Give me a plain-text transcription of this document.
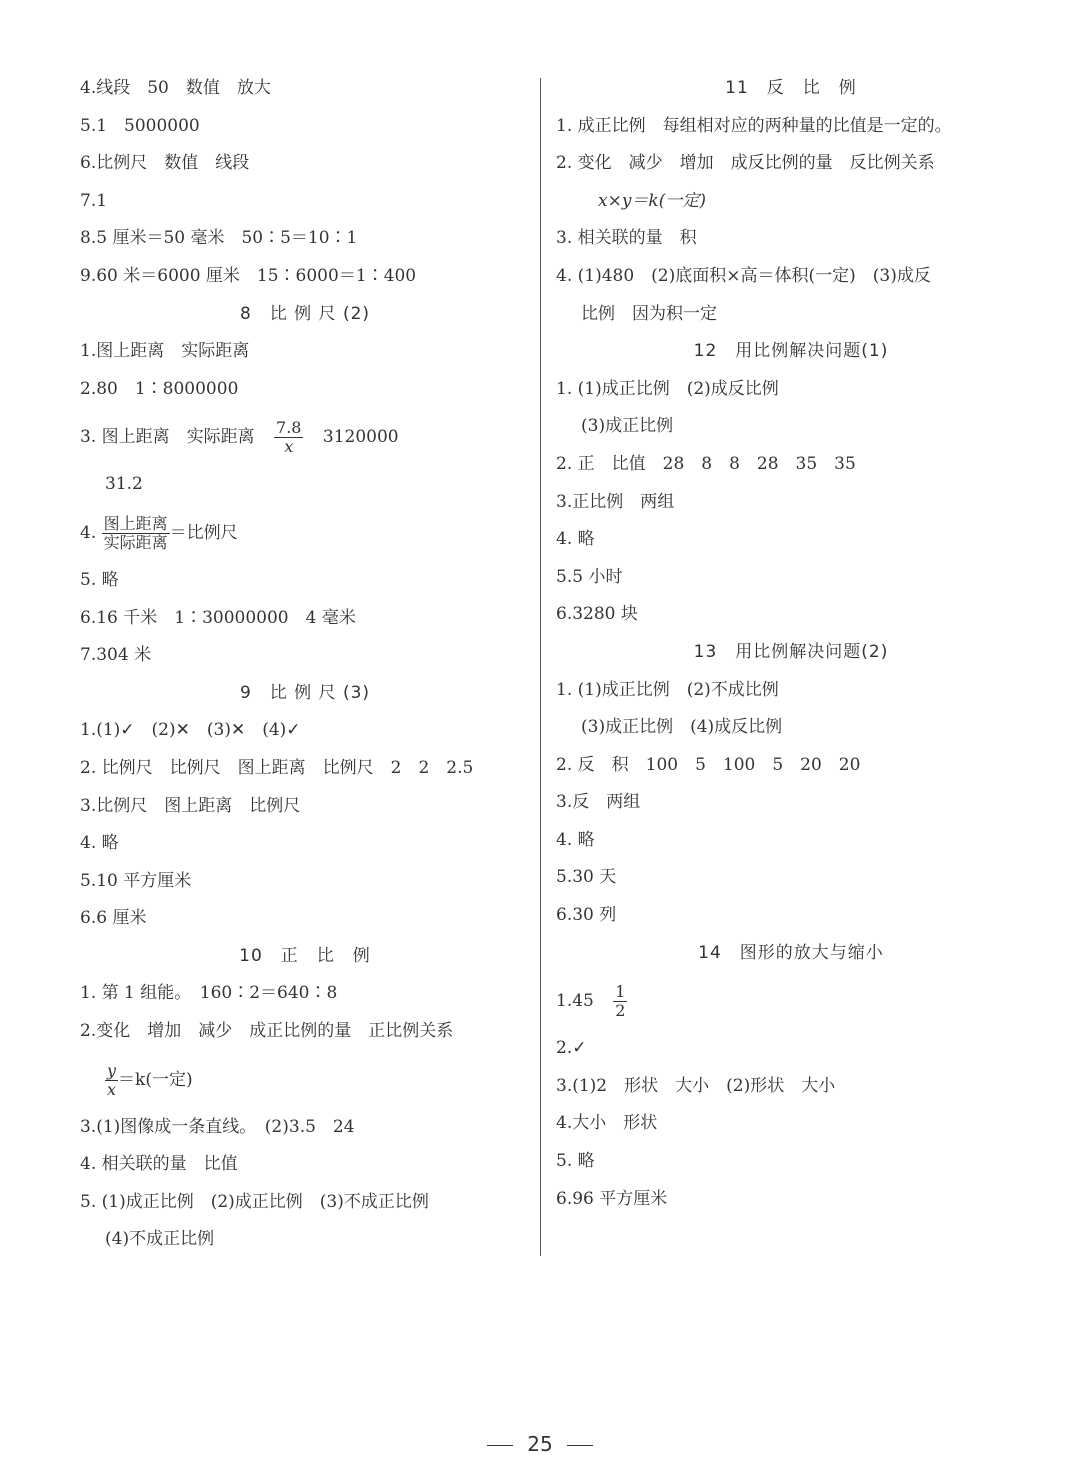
4.线段　50　数值　放大
5.1　5000000
6.比例尺　数值　线段
7.1
8.5 厘米＝50 毫米　50∶5＝10∶1
9.60 米＝6000 厘米　15∶6000＝1∶400
8　比 例 尺 (2)
1.图上距离　实际距离
2.80　1∶8000000
3. 图上距离　实际距离 $\frac{7.8}{x} 3120000$
31.2
4. $\frac{\text{图上距离}}{\text{实际距离}}$ ＝比例尺
5. 略
6.16 千米　1∶30000000　4 毫米
7.304 米
9　比 例 尺 (3)
1.(1)✓　(2)✕　(3)✕　(4)✓
2. 比例尺　比例尺　图上距离　比例尺　2　2　2.5
3.比例尺　图上距离　比例尺
4. 略
5.10 平方厘米
6.6 厘米
10　正　比　例
1. 第 1 组能。　160∶2＝640∶8
2.变化　增加　减少　成正比例的量　正比例关系
$\frac{y}{x} =k$(一定)
3.(1)图像成一条直线。　(2)3.5　24
4. 相关联的量　比值
5. (1)成正比例　(2)成正比例　(3)不成正比例
(4)不成正比例
11　反　比　例
1. 成正比例　每组相对应的两种量的比值是一定的。
2. 变化　减少　增加　成反比例的量　反比例关系
x×y＝k(一定)
3. 相关联的量　积
4. (1)480　(2)底面积×高＝体积(一定)　(3)成反
比例　因为积一定
12　用比例解决问题(1)
1. (1)成正比例　(2)成反比例
(3)成正比例
2. 正　比值　28　8　8　28　35　35
3.正比例　两组
4. 略
5.5 小时
6.3280 块
13　用比例解决问题(2)
1. (1)成正比例　(2)不成比例
(3)成正比例　(4)成反比例
2. 反　积　100　5　100　5　20　20
3.反　两组
4. 略
5.30 天
6.30 列
14　图形的放大与缩小
$1.45 \frac{1}{2}$
2.✓
3.(1)2　形状　大小　(2)形状　大小
4.大小　形状
5. 略
6.96 平方厘米
25
